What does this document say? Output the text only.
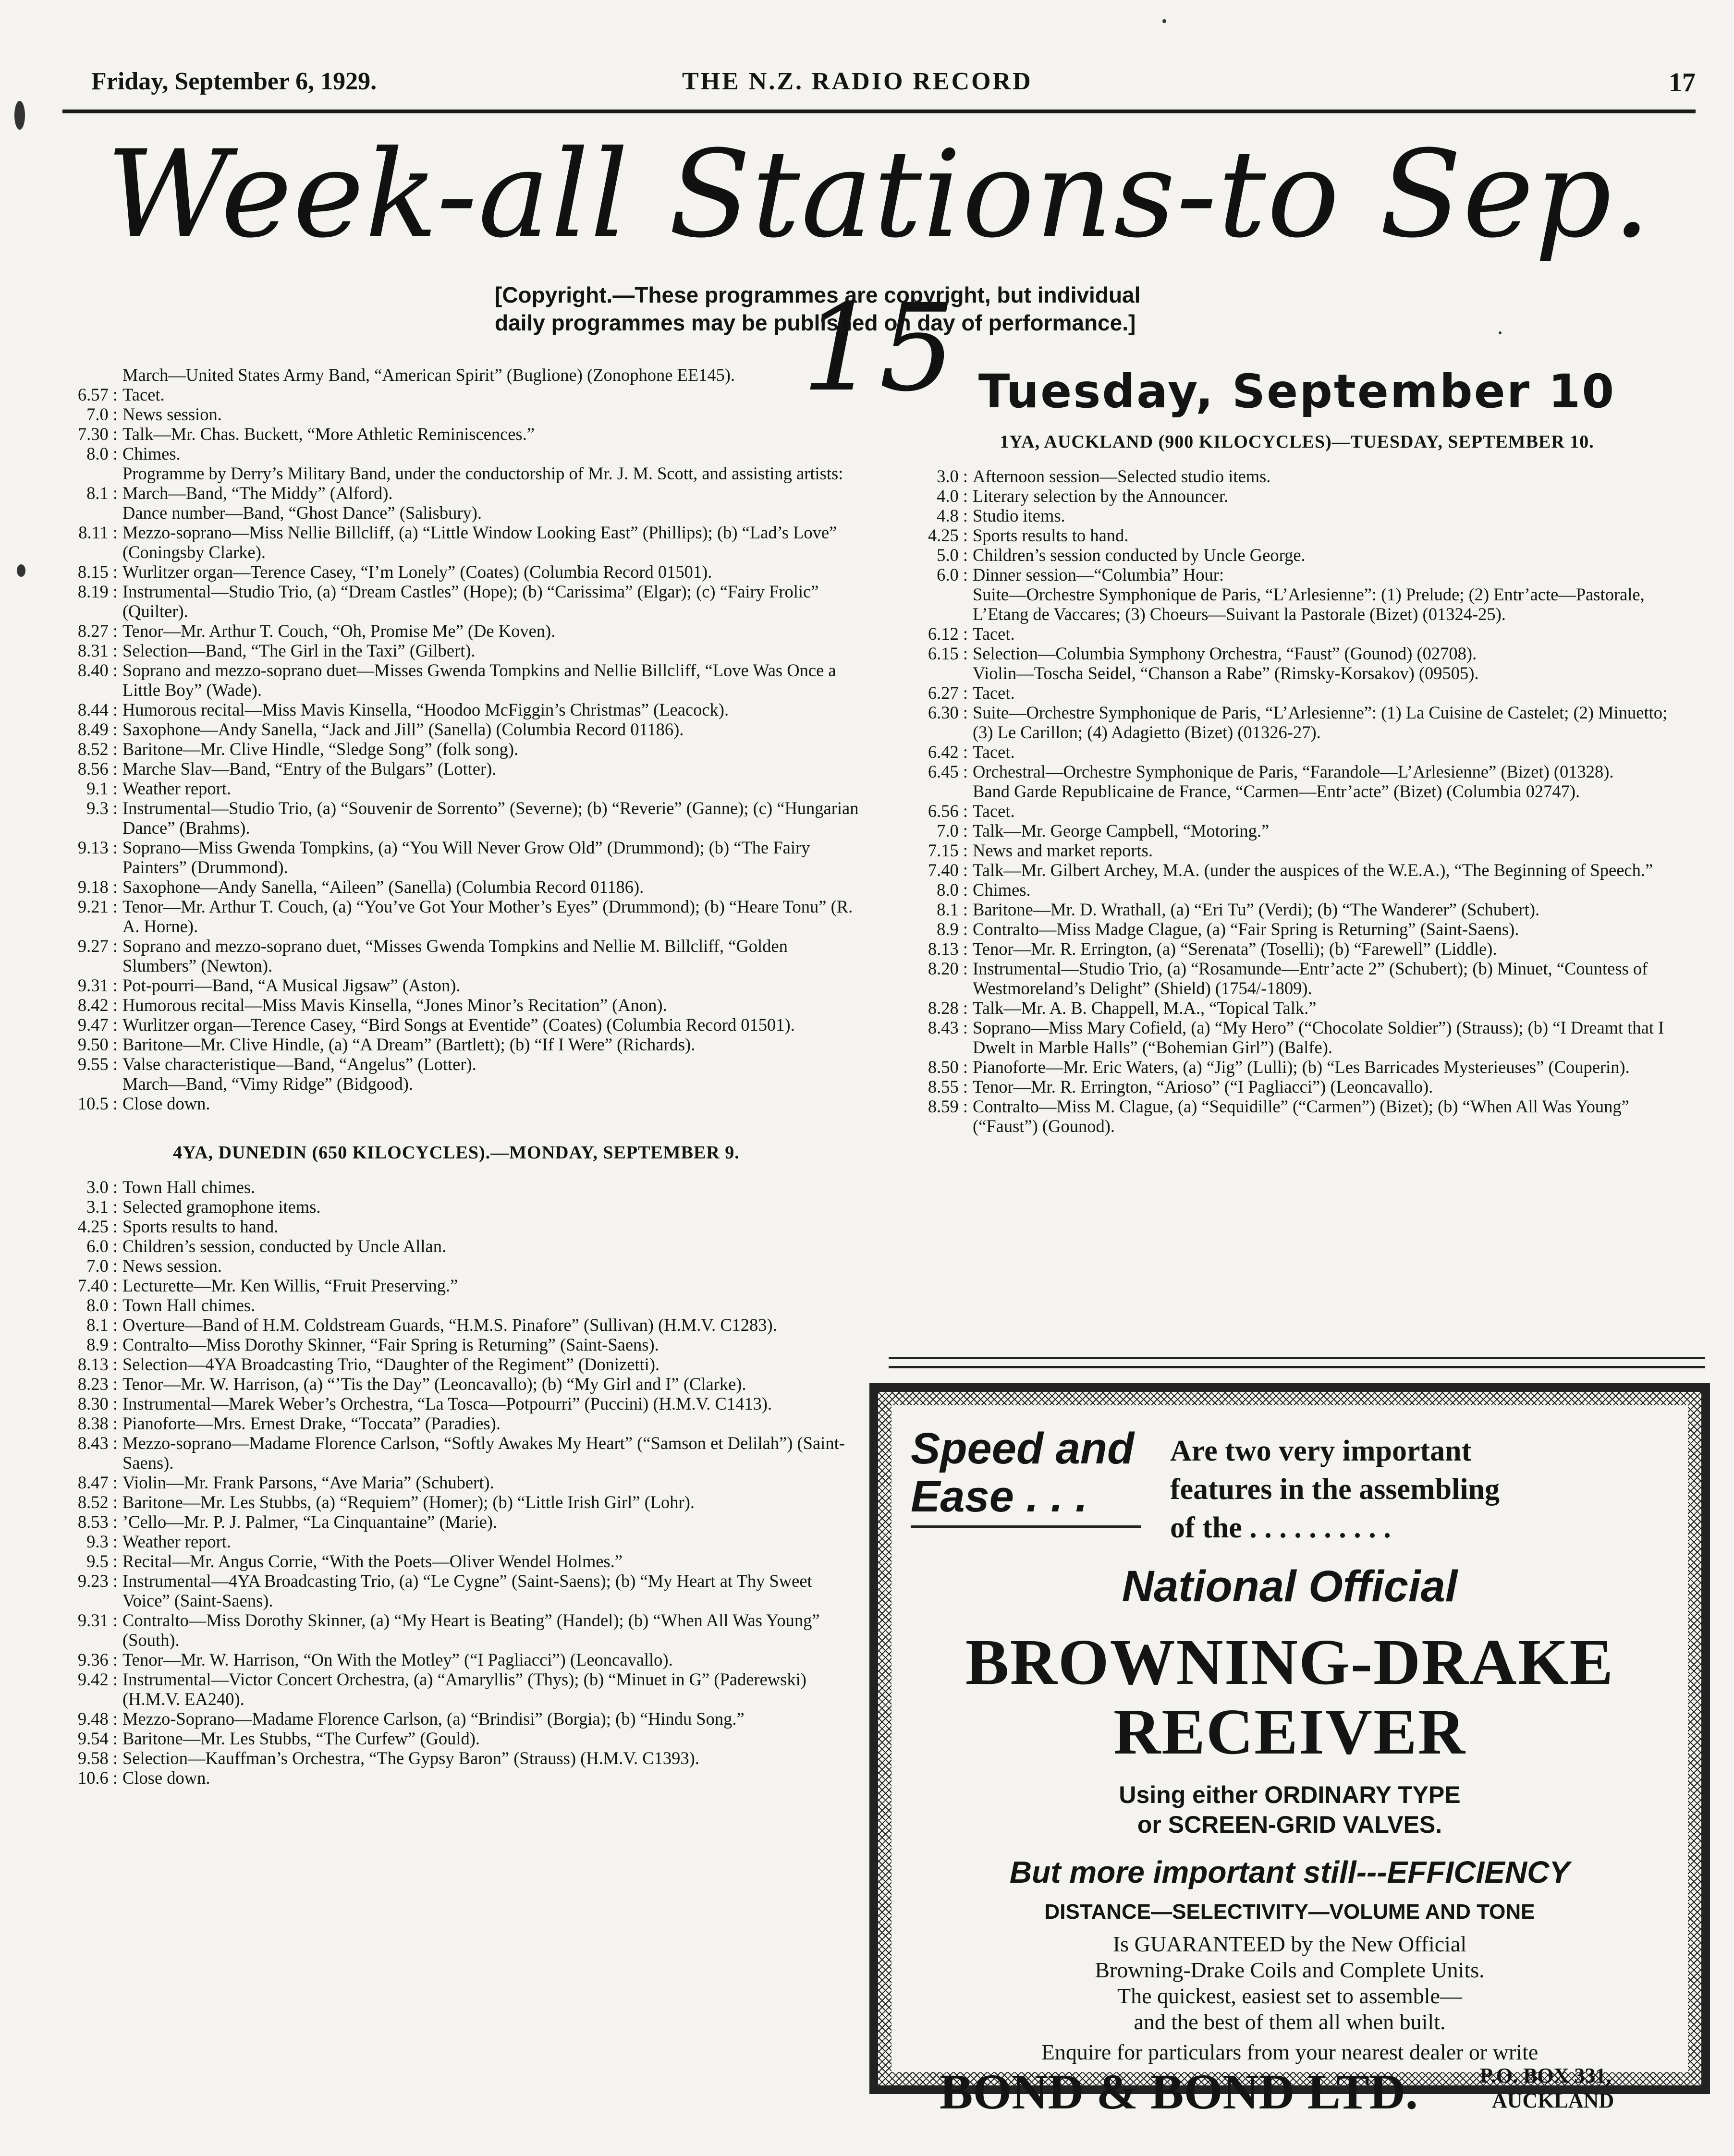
Friday, September 6, 1929.	THE N.Z. RADIO RECORD	17
Week-all Stations-to Sep. 15
[Copyright.—These programmes are copyright, but individual
daily programmes may be published on day of performance.]
March—United States Army Band, “American Spirit” (Buglione) (Zonophone EE145).
6.57 : Tacet.
7.0 : News session.
7.30 : Talk—Mr. Chas. Buckett, “More Athletic Reminiscences.”
8.0 : Chimes.
Programme by Derry’s Military Band, under the conductorship of Mr. J. M. Scott, and assisting artists:
8.1 : March—Band, “The Middy” (Alford).
Dance number—Band, “Ghost Dance” (Salisbury).
8.11 : Mezzo-soprano—Miss Nellie Billcliff, (a) “Little Window Looking East” (Phillips); (b) “Lad’s Love” (Coningsby Clarke).
8.15 : Wurlitzer organ—Terence Casey, “I’m Lonely” (Coates) (Columbia Record 01501).
8.19 : Instrumental—Studio Trio, (a) “Dream Castles” (Hope); (b) “Carissima” (Elgar); (c) “Fairy Frolic” (Quilter).
8.27 : Tenor—Mr. Arthur T. Couch, “Oh, Promise Me” (De Koven).
8.31 : Selection—Band, “The Girl in the Taxi” (Gilbert).
8.40 : Soprano and mezzo-soprano duet—Misses Gwenda Tompkins and Nellie Billcliff, “Love Was Once a Little Boy” (Wade).
8.44 : Humorous recital—Miss Mavis Kinsella, “Hoodoo McFiggin’s Christmas” (Leacock).
8.49 : Saxophone—Andy Sanella, “Jack and Jill” (Sanella) (Columbia Record 01186).
8.52 : Baritone—Mr. Clive Hindle, “Sledge Song” (folk song).
8.56 : Marche Slav—Band, “Entry of the Bulgars” (Lotter).
9.1 : Weather report.
9.3 : Instrumental—Studio Trio, (a) “Souvenir de Sorrento” (Severne); (b) “Reverie” (Ganne); (c) “Hungarian Dance” (Brahms).
9.13 : Soprano—Miss Gwenda Tompkins, (a) “You Will Never Grow Old” (Drummond); (b) “The Fairy Painters” (Drummond).
9.18 : Saxophone—Andy Sanella, “Aileen” (Sanella) (Columbia Record 01186).
9.21 : Tenor—Mr. Arthur T. Couch, (a) “You’ve Got Your Mother’s Eyes” (Drummond); (b) “Heare Tonu” (R. A. Horne).
9.27 : Soprano and mezzo-soprano duet, “Misses Gwenda Tompkins and Nellie M. Billcliff, “Golden Slumbers” (Newton).
9.31 : Pot-pourri—Band, “A Musical Jigsaw” (Aston).
8.42 : Humorous recital—Miss Mavis Kinsella, “Jones Minor’s Recitation” (Anon).
9.47 : Wurlitzer organ—Terence Casey, “Bird Songs at Eventide” (Coates) (Columbia Record 01501).
9.50 : Baritone—Mr. Clive Hindle, (a) “A Dream” (Bartlett); (b) “If I Were” (Richards).
9.55 : Valse characteristique—Band, “Angelus” (Lotter).
March—Band, “Vimy Ridge” (Bidgood).
10.5 : Close down.
4YA, DUNEDIN (650 KILOCYCLES).—MONDAY, SEPTEMBER 9.
3.0 : Town Hall chimes.
3.1 : Selected gramophone items.
4.25 : Sports results to hand.
6.0 : Children’s session, conducted by Uncle Allan.
7.0 : News session.
7.40 : Lecturette—Mr. Ken Willis, “Fruit Preserving.”
8.0 : Town Hall chimes.
8.1 : Overture—Band of H.M. Coldstream Guards, “H.M.S. Pinafore” (Sullivan) (H.M.V. C1283).
8.9 : Contralto—Miss Dorothy Skinner, “Fair Spring is Returning” (Saint-Saens).
8.13 : Selection—4YA Broadcasting Trio, “Daughter of the Regiment” (Donizetti).
8.23 : Tenor—Mr. W. Harrison, (a) “’Tis the Day” (Leoncavallo); (b) “My Girl and I” (Clarke).
8.30 : Instrumental—Marek Weber’s Orchestra, “La Tosca—Potpourri” (Puccini) (H.M.V. C1413).
8.38 : Pianoforte—Mrs. Ernest Drake, “Toccata” (Paradies).
8.43 : Mezzo-soprano—Madame Florence Carlson, “Softly Awakes My Heart” (“Samson et Delilah”) (Saint-Saens).
8.47 : Violin—Mr. Frank Parsons, “Ave Maria” (Schubert).
8.52 : Baritone—Mr. Les Stubbs, (a) “Requiem” (Homer); (b) “Little Irish Girl” (Lohr).
8.53 : ’Cello—Mr. P. J. Palmer, “La Cinquantaine” (Marie).
9.3 : Weather report.
9.5 : Recital—Mr. Angus Corrie, “With the Poets—Oliver Wendel Holmes.”
9.23 : Instrumental—4YA Broadcasting Trio, (a) “Le Cygne” (Saint-Saens); (b) “My Heart at Thy Sweet Voice” (Saint-Saens).
9.31 : Contralto—Miss Dorothy Skinner, (a) “My Heart is Beating” (Handel); (b) “When All Was Young” (South).
9.36 : Tenor—Mr. W. Harrison, “On With the Motley” (“I Pagliacci”) (Leoncavallo).
9.42 : Instrumental—Victor Concert Orchestra, (a) “Amaryllis” (Thys); (b) “Minuet in G” (Paderewski) (H.M.V. EA240).
9.48 : Mezzo-Soprano—Madame Florence Carlson, (a) “Brindisi” (Borgia); (b) “Hindu Song.”
9.54 : Baritone—Mr. Les Stubbs, “The Curfew” (Gould).
9.58 : Selection—Kauffman’s Orchestra, “The Gypsy Baron” (Strauss) (H.M.V. C1393).
10.6 : Close down.
Tuesday, September 10
1YA, AUCKLAND (900 KILOCYCLES)—TUESDAY, SEPTEMBER 10.
3.0 : Afternoon session—Selected studio items.
4.0 : Literary selection by the Announcer.
4.8 : Studio items.
4.25 : Sports results to hand.
5.0 : Children’s session conducted by Uncle George.
6.0 : Dinner session—“Columbia” Hour:
Suite—Orchestre Symphonique de Paris, “L’Arlesienne”: (1) Prelude; (2) Entr’acte—Pastorale, L’Etang de Vaccares; (3) Choeurs—Suivant la Pastorale (Bizet) (01324-25).
6.12 : Tacet.
6.15 : Selection—Columbia Symphony Orchestra, “Faust” (Gounod) (02708).
Violin—Toscha Seidel, “Chanson a Rabe” (Rimsky-Korsakov) (09505).
6.27 : Tacet.
6.30 : Suite—Orchestre Symphonique de Paris, “L’Arlesienne”: (1) La Cuisine de Castelet; (2) Minuetto; (3) Le Carillon; (4) Adagietto (Bizet) (01326-27).
6.42 : Tacet.
6.45 : Orchestral—Orchestre Symphonique de Paris, “Farandole—L’Arlesienne” (Bizet) (01328).
Band Garde Republicaine de France, “Carmen—Entr’acte” (Bizet) (Columbia 02747).
6.56 : Tacet.
7.0 : Talk—Mr. George Campbell, “Motoring.”
7.15 : News and market reports.
7.40 : Talk—Mr. Gilbert Archey, M.A. (under the auspices of the W.E.A.), “The Beginning of Speech.”
8.0 : Chimes.
8.1 : Baritone—Mr. D. Wrathall, (a) “Eri Tu” (Verdi); (b) “The Wanderer” (Schubert).
8.9 : Contralto—Miss Madge Clague, (a) “Fair Spring is Returning” (Saint-Saens).
8.13 : Tenor—Mr. R. Errington, (a) “Serenata” (Toselli); (b) “Farewell” (Liddle).
8.20 : Instrumental—Studio Trio, (a) “Rosamunde—Entr’acte 2” (Schubert); (b) Minuet, “Countess of Westmoreland’s Delight” (Shield) (1754/-1809).
8.28 : Talk—Mr. A. B. Chappell, M.A., “Topical Talk.”
8.43 : Soprano—Miss Mary Cofield, (a) “My Hero” (“Chocolate Soldier”) (Strauss); (b) “I Dreamt that I Dwelt in Marble Halls” (“Bohemian Girl”) (Balfe).
8.50 : Pianoforte—Mr. Eric Waters, (a) “Jig” (Lulli); (b) “Les Barricades Mysterieuses” (Couperin).
8.55 : Tenor—Mr. R. Errington, “Arioso” (“I Pagliacci”) (Leoncavallo).
8.59 : Contralto—Miss M. Clague, (a) “Sequidille” (“Carmen”) (Bizet); (b) “When All Was Young” (“Faust”) (Gounod).
Speed and
Ease . . .
Are two very important
features in the assembling
of the . . . . . . . . . .
National Official
BROWNING-DRAKE
RECEIVER
Using either ORDINARY TYPE
or SCREEN-GRID VALVES.
But more important still---EFFICIENCY
DISTANCE—SELECTIVITY—VOLUME AND TONE
Is GUARANTEED by the New Official
Browning-Drake Coils and Complete Units.
The quickest, easiest set to assemble—
and the best of them all when built.
Enquire for particulars from your nearest dealer or write
BOND & BOND LTD.	P.O. BOX 331,
AUCKLAND
